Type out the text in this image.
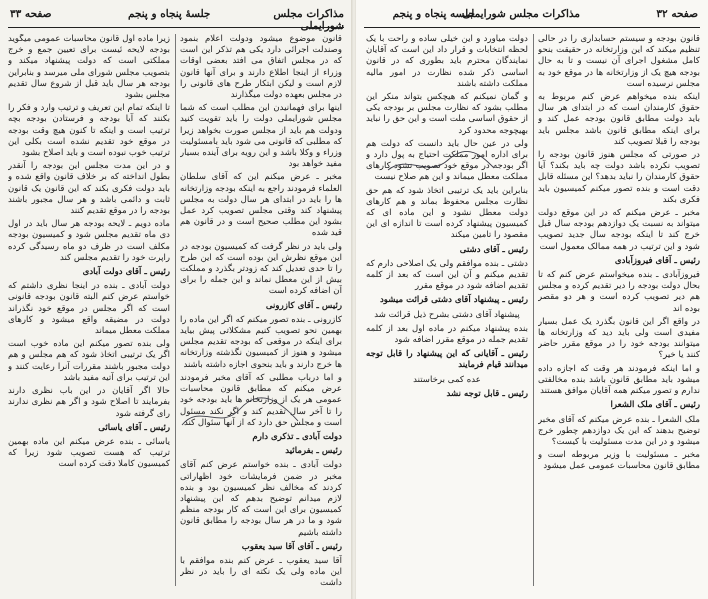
صفحه ۳۳	جلسهٔ پنجاه و پنجم	مذاکرات مجلس شورایملی

قانون موضوع میشود ودولت اعلام بنمود وصندلت اجرائی دارد یکی هم تذکر این است که در مجلس اتفاق می افتد بعضی اوقات وزراء از اینجا اطلاع دارند و برای آنها قانون لازم است و لیکن ابتکار طرح های قانونی را در مجلس بعهده دولت میگذارند

اینها برای فهمانیدن این مطلب است که شما مجلس شورایملی دولت را باید تقویت کنید ودولت هم باید از مجلس صورت بخواهد زیرا که مطلبی که قانونی می شود باید بامسئولیت وزراء و وکلا باشد و این رویه برای آینده بسیار مفید خواهد بود

مخبر ـ عرض میکنم این که آقای سلطان العلماء فرمودند راجع به اینکه بودجه وزارتخانه ها را باید در ابتدای هر سال دولت به مجلس پیشنهاد کند وقتی مجلس تصویب کرد عمل بشود این مطلب صحیح است و در قانون هم قید شده

ولی باید در نظر گرفت که کمیسیون بودجه در این موقع نظرش این بوده است که این طرح را تا حدی تعدیل کند که زودتر بگذرد و مملکت بیش از این معطل نماند و این جمله را برای آن اضافه کرده است

رئیس ـ آقای کازرونی

کازرونی ـ بنده تصور میکنم که اگر این ماده را بهمین نحو تصویب کنیم مشکلاتی پیش بیاید برای اینکه در موقعی که بودجه تقدیم مجلس میشود و هنوز از کمیسیون نگذشته وزارتخانه ها خرج دارند و باید بنحوی اجازه داشته باشند

و اما درباب مطلبی که آقای مخبر فرمودند عرض میکنم که مطابق قانون محاسبات عمومی هر یک از وزارتخانه ها باید بودجه خود را تا آخر سال تقدیم کند و اگر نکند مسئول است و مجلس حق دارد که از آنها سئوال کند

دولت آبادی ـ تذکری دارم

رئیس ـ بفرمائید

دولت آبادی ـ بنده خواستم عرض کنم آقای مخبر در ضمن فرمایشات خود اظهاراتی کردند که مخالف نظر کمیسیون بود و بنده لازم میدانم توضیح بدهم که این پیشنهاد کمیسیون برای این است که کار بودجه منظم شود و ما در هر سال بودجه را مطابق قانون داشته باشیم

رئیس ـ آقای آقا سید یعقوب

آقا سید یعقوب ـ عرض کنم بنده موافقم با این ماده ولی یک نکته ای را باید در نظر داشت

زیرا ماده اول قانون محاسبات عمومی میگوید بودجه لایحه ئیست برای تعیین جمع و خرج مملکتی است که دولت پیشنهاد میکند و بتصویب مجلس شورای ملی میرسد و بنابراین بودجه هر سال باید قبل از شروع سال تقدیم مجلس بشود

تا اینکه تمام این تعریف و ترتیب وارد و فکر را بکنند که آیا بودجه و فرستادن بودجه بچه ترتیب است و اینکه تا کنون هیچ وقت بودجه در موقع خود تقدیم نشده است بکلی این ترتیب خوب نبوده است و باید اصلاح بشود

و در این مدت مجلس این بودجه را آنقدر بطول انداخته که بر خلاف قانون واقع شده و باید دولت فکری بکند که این قانون یک قانون ثابت و دائمی باشد و هر سال مجبور باشند بودجه را در موقع تقدیم کنند

ماده دویم ـ لایحه بودجه هر سال باید در اول دی ماه تقدیم مجلس شود و کمیسیون بودجه مکلف است در ظرف دو ماه رسیدگی کرده راپرت خود را تقدیم مجلس کند

رئیس ـ آقای دولت آبادی

دولت آبادی ـ بنده در اینجا نظری داشتم که خواستم عرض کنم البته قانون بودجه قانونی است که اگر مجلس در موقع خود نگذراند دولت در مضیقه واقع میشود و کارهای مملکت معطل میماند

ولی بنده تصور میکنم این ماده خوب است اگر یک ترتیبی اتخاذ شود که هم مجلس و هم دولت مجبور باشند مقررات آنرا رعایت کنند و این ترتیب برای آتیه مفید باشد

حالا اگر آقایان در این باب نظری دارند بفرمایند تا اصلاح شود و اگر هم نظری ندارند رای گرفته شود

رئیس ـ آقای یاسائی

یاسائی ـ بنده عرض میکنم این ماده بهمین ترتیب که هست تصویب شود زیرا که کمیسیون کاملا دقت کرده است

صفحه ۳۲
مذاکرات مجلس شورایملی
جلسه پنجاه و پنجم

قانون بودجه و سیستم حسابداری را در حالی تنظیم میکند که این وزارتخانه در حقیقت بنحو کامل مشغول اجرای آن نیست و تا به حال بودجه هیچ یک از وزارتخانه ها در موقع خود به مجلس نرسیده است

اینکه بنده میخواهم عرض کنم مربوط به حقوق کارمندان است که در ابتدای هر سال باید دولت مطابق قانون بودجه عمل کند و برای اینکه مطابق قانون باشد مجلس باید بودجه را قبلا تصویب کند

در صورتی که مجلس هنوز قانون بودجه را تصویب نکرده باشد دولت چه باید بکند؟ آیا حقوق کارمندان را نباید بدهد؟ این مسئله قابل دقت است و بنده تصور میکنم کمیسیون باید فکری بکند

مخبر ـ عرض میکنم که در این موقع دولت میتواند به نسبت یک دوازدهم بودجه سال قبل خرج کند تا اینکه بودجه سال جدید تصویب شود و این ترتیب در همه ممالک معمول است

رئیس ـ آقای فیروزآبادی

فیروزآبادی ـ بنده میخواستم عرض کنم که تا بحال دولت بودجه را دیر تقدیم کرده و مجلس هم دیر تصویب کرده است و هر دو مقصر بوده اند

در واقع اگر این قانون بگذرد یک عمل بسیار مفیدی است ولی باید دید که وزارتخانه ها میتوانند بودجه خود را در موقع مقرر حاضر کنند یا خیر؟

و اما اینکه فرمودند هر وقت که اجازه داده میشود باید مطابق قانون باشد بنده مخالفتی ندارم و تصور میکنم همه آقایان موافق هستند

رئیس ـ آقای ملک الشعرا

ملک الشعرا ـ بنده عرض میکنم که آقای مخبر توضیح بدهند که این یک دوازدهم چطور خرج میشود و در این مدت مسئولیت با کیست؟

مخبر ـ مسئولیت با وزیر مربوطه است و مطابق قانون محاسبات عمومی عمل میشود

دولت میآورد و این خیلی ساده و راحت با یک لحظه انتخابات و قرار داد این است که آقایان نمایندگان محترم باید بطوری که در قانون اساسی ذکر شده نظارت در امور مالیه مملکت داشته باشند

و گمان نمیکنم که هیچکس بتواند منکر این مطلب بشود که نظارت مجلس بر بودجه یکی از حقوق اساسی ملت است و این حق را نباید بهیچوجه محدود کرد

ولی در عین حال باید دانست که دولت هم برای اداره امور مملکت احتیاج به پول دارد و اگر بودجه در موقع خود تصویب نشود کارهای مملکت معطل میماند و این هم صلاح نیست

بنابراین باید یک ترتیبی اتخاذ شود که هم حق نظارت مجلس محفوظ بماند و هم کارهای دولت معطل نشود و این ماده ای که کمیسیون پیشنهاد کرده است تا اندازه ای این مقصود را تامین میکند

رئیس ـ آقای دشتی

دشتی ـ بنده موافقم ولی یک اصلاحی دارم که تقدیم میکنم و آن این است که بعد از کلمه تقدیم اضافه شود در موقع مقرر

رئیس ـ پیشنهاد آقای دشتی قرائت میشود

پیشنهاد آقای دشتی بشرح ذیل قرائت شد

بنده پیشنهاد میکنم در ماده اول بعد از کلمه تقدیم جمله در موقع مقرر اضافه شود

رئیس ـ آقایانی که این پیشنهاد را قابل توجه میدانند قیام فرمایند

عده کمی برخاستند

رئیس ـ قابل توجه نشد
